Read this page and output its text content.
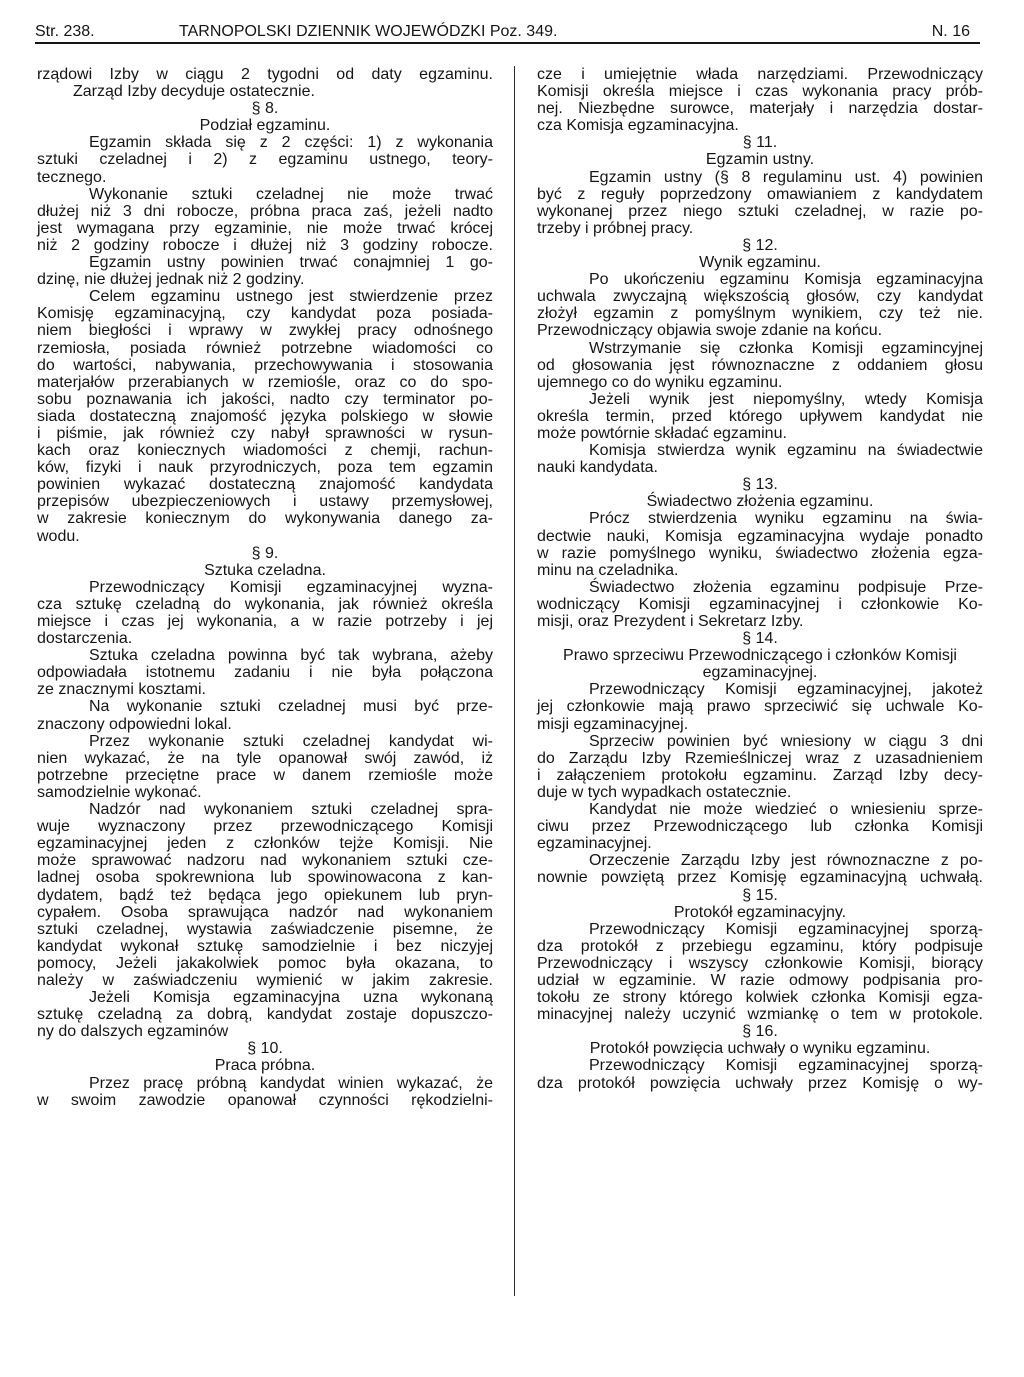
Str. 238.	TARNOPOLSKI DZIENNIK WOJEWÓDZKI Poz. 349.	N. 16
rządowi Izby w ciągu 2 tygodni od daty egzaminu.
Zarząd Izby decyduje ostatecznie.
§ 8.
Podział egzaminu.
Egzamin składa się z 2 części: 1) z wykonania
sztuki czeladnej i 2) z egzaminu ustnego, teory-
tecznego.
Wykonanie sztuki czeladnej nie może trwać
dłużej niż 3 dni robocze, próbna praca zaś, jeżeli nadto
jest wymagana przy egzaminie, nie może trwać krócej
niż 2 godziny robocze i dłużej niż 3 godziny robocze.
Egzamin ustny powinien trwać conajmniej 1 go-
dzinę, nie dłużej jednak niż 2 godziny.
Celem egzaminu ustnego jest stwierdzenie przez
Komisję egzaminacyjną, czy kandydat poza posiada-
niem biegłości i wprawy w zwykłej pracy odnośnego
rzemiosła, posiada również potrzebne wiadomości co
do wartości, nabywania, przechowywania i stosowania
materjałów przerabianych w rzemiośle, oraz co do spo-
sobu poznawania ich jakości, nadto czy terminator po-
siada dostateczną znajomość języka polskiego w słowie
i piśmie, jak również czy nabył sprawności w rysun-
kach oraz koniecznych wiadomości z chemji, rachun-
ków, fizyki i nauk przyrodniczych, poza tem egzamin
powinien wykazać dostateczną znajomość kandydata
przepisów ubezpieczeniowych i ustawy przemysłowej,
w zakresie koniecznym do wykonywania danego za-
wodu.
§ 9.
Sztuka czeladna.
Przewodniczący Komisji egzaminacyjnej wyzna-
cza sztukę czeladną do wykonania, jak również określa
miejsce i czas jej wykonania, a w razie potrzeby i jej
dostarczenia.
Sztuka czeladna powinna być tak wybrana, ażeby
odpowiadała istotnemu zadaniu i nie była połączona
ze znacznymi kosztami.
Na wykonanie sztuki czeladnej musi być prze-
znaczony odpowiedni lokal.
Przez wykonanie sztuki czeladnej kandydat wi-
nien wykazać, że na tyle opanował swój zawód, iż
potrzebne przeciętne prace w danem rzemiośle może
samodzielnie wykonać.
Nadzór nad wykonaniem sztuki czeladnej spra-
wuje wyznaczony przez przewodniczącego Komisji
egzaminacyjnej jeden z członków tejże Komisji. Nie
może sprawować nadzoru nad wykonaniem sztuki cze-
ladnej osoba spokrewniona lub spowinowacona z kan-
dydatem, bądź też będąca jego opiekunem lub pryn-
cypałem. Osoba sprawująca nadzór nad wykonaniem
sztuki czeladnej, wystawia zaświadczenie pisemne, że
kandydat wykonał sztukę samodzielnie i bez niczyjej
pomocy, Jeżeli jakakolwiek pomoc była okazana, to
należy w zaświadczeniu wymienić w jakim zakresie.
Jeżeli Komisja egzaminacyjna uzna wykonaną
sztukę czeladną za dobrą, kandydat zostaje dopuszczo-
ny do dalszych egzaminów
§ 10.
Praca próbna.
Przez pracę próbną kandydat winien wykazać, że
w swoim zawodzie opanował czynności rękodzielni-
cze i umiejętnie włada narzędziami. Przewodniczący
Komisji określa miejsce i czas wykonania pracy prób-
nej. Niezbędne surowce, materjały i narzędzia dostar-
cza Komisja egzaminacyjna.
§ 11.
Egzamin ustny.
Egzamin ustny (§ 8 regulaminu ust. 4) powinien
być z reguły poprzedzony omawianiem z kandydatem
wykonanej przez niego sztuki czeladnej, w razie po-
trzeby i próbnej pracy.
§ 12.
Wynik egzaminu.
Po ukończeniu egzaminu Komisja egzaminacyjna
uchwala zwyczajną większością głosów, czy kandydat
złożył egzamin z pomyślnym wynikiem, czy też nie.
Przewodniczący objawia swoje zdanie na końcu.
Wstrzymanie się członka Komisji egzamincyjnej
od głosowania jęst równoznaczne z oddaniem głosu
ujemnego co do wyniku egzaminu.
Jeżeli wynik jest niepomyślny, wtedy Komisja
określa termin, przed którego upływem kandydat nie
może powtórnie składać egzaminu.
Komisja stwierdza wynik egzaminu na świadectwie
nauki kandydata.
§ 13.
Świadectwo złożenia egzaminu.
Prócz stwierdzenia wyniku egzaminu na świa-
dectwie nauki, Komisja egzaminacyjna wydaje ponadto
w razie pomyślnego wyniku, świadectwo złożenia egza-
minu na czeladnika.
Świadectwo złożenia egzaminu podpisuje Prze-
wodniczący Komisji egzaminacyjnej i członkowie Ko-
misji, oraz Prezydent i Sekretarz Izby.
§ 14.
Prawo sprzeciwu Przewodniczącego i członków Komisji
egzaminacyjnej.
Przewodniczący Komisji egzaminacyjnej, jakoteż
jej członkowie mają prawo sprzeciwić się uchwale Ko-
misji egzaminacyjnej.
Sprzeciw powinien być wniesiony w ciągu 3 dni
do Zarządu Izby Rzemieślniczej wraz z uzasadnieniem
i załączeniem protokołu egzaminu. Zarząd Izby decy-
duje w tych wypadkach ostatecznie.
Kandydat nie może wiedzieć o wniesieniu sprze-
ciwu przez Przewodniczącego lub członka Komisji
egzaminacyjnej.
Orzeczenie Zarządu Izby jest równoznaczne z po-
nownie powziętą przez Komisję egzaminacyjną uchwałą.
§ 15.
Protokół egzaminacyjny.
Przewodniczący Komisji egzaminacyjnej sporzą-
dza protokół z przebiegu egzaminu, który podpisuje
Przewodniczący i wszyscy członkowie Komisji, biorący
udział w egzaminie. W razie odmowy podpisania pro-
tokołu ze strony którego kolwiek członka Komisji egza-
minacyjnej należy uczynić wzmiankę o tem w protokole.
§ 16.
Protokół powzięcia uchwały o wyniku egzaminu.
Przewodniczący Komisji egzaminacyjnej sporzą-
dza protokół powzięcia uchwały przez Komisję o wy-
